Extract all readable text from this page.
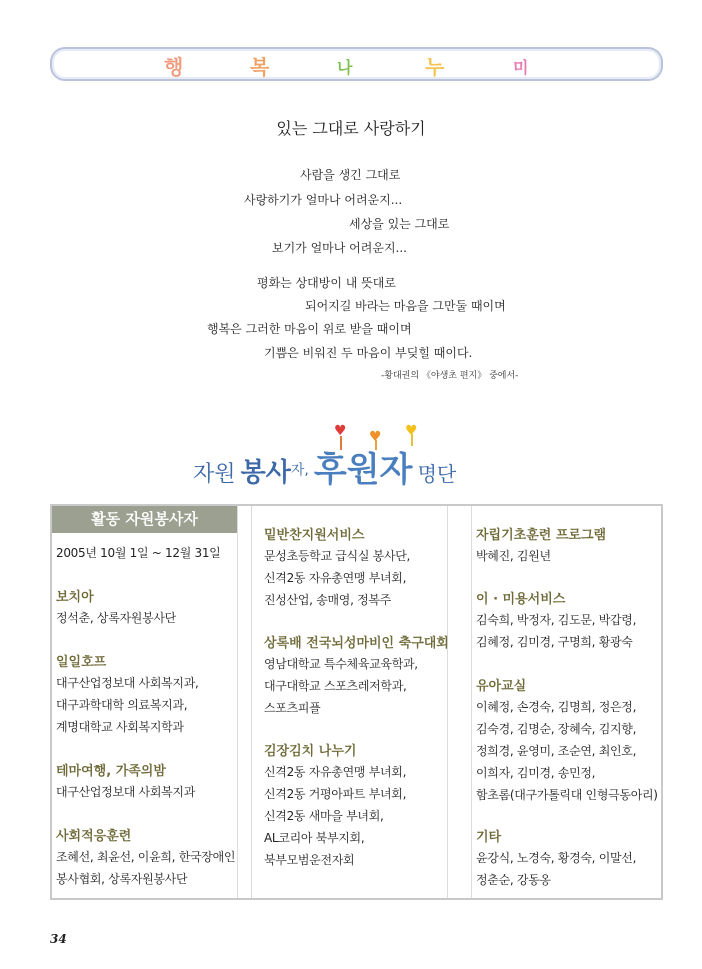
행	복	나	누	미
있는 그대로 사랑하기
사람을 생긴 그대로
사랑하기가 얼마나 어려운지...
세상을 있는 그대로
보기가 얼마나 어려운지...
평화는 상대방이 내 뜻대로
되어지길 바라는 마음을 그만둘 때이며
행복은 그러한 마음이 위로 받을 때이며
기쁨은 비워진 두 마음이 부딪힐 때이다.
-황대권의 《야생초 편지》 중에서-
♥ ♥ ♥
자원 봉사자, 후원자 명단
활동 자원봉사자
2005년 10월 1일 ~ 12월 31일
보치아
정석춘, 상록자원봉사단
일일호프
대구산업정보대 사회복지과,
대구과학대학 의료복지과,
계명대학교 사회복지학과
테마여행, 가족의밤
대구산업정보대 사회복지과
사회적응훈련
조혜선, 최윤선, 이윤희, 한국장애인
봉사협회, 상록자원봉사단
밑반찬지원서비스
문성초등학교 급식실 봉사단,
신격2동 자유총연맹 부녀회,
진성산업, 송매영, 정복주
상록배 전국뇌성마비인 축구대회
영남대학교 특수체육교육학과,
대구대학교 스포츠레저학과,
스포츠피플
김장김치 나누기
신격2동 자유총연맹 부녀회,
신격2동 거평아파트 부녀회,
신격2동 새마을 부녀회,
AL코리아 북부지회,
북부모범운전자회
자립기초훈련 프로그램
박혜진, 김원년
이 · 미용서비스
김숙희, 박정자, 김도문, 박갑령,
김혜정, 김미경, 구명희, 황광숙
유아교실
이혜정, 손경숙, 김명희, 정은정,
김숙경, 김명순, 장혜숙, 김지향,
정희경, 윤영미, 조순연, 최인호,
이희자, 김미경, 송민정,
함초롬(대구가톨릭대 인형극동아리)
기타
윤강식, 노경숙, 황경숙, 이말선,
정춘순, 강동옹
34
